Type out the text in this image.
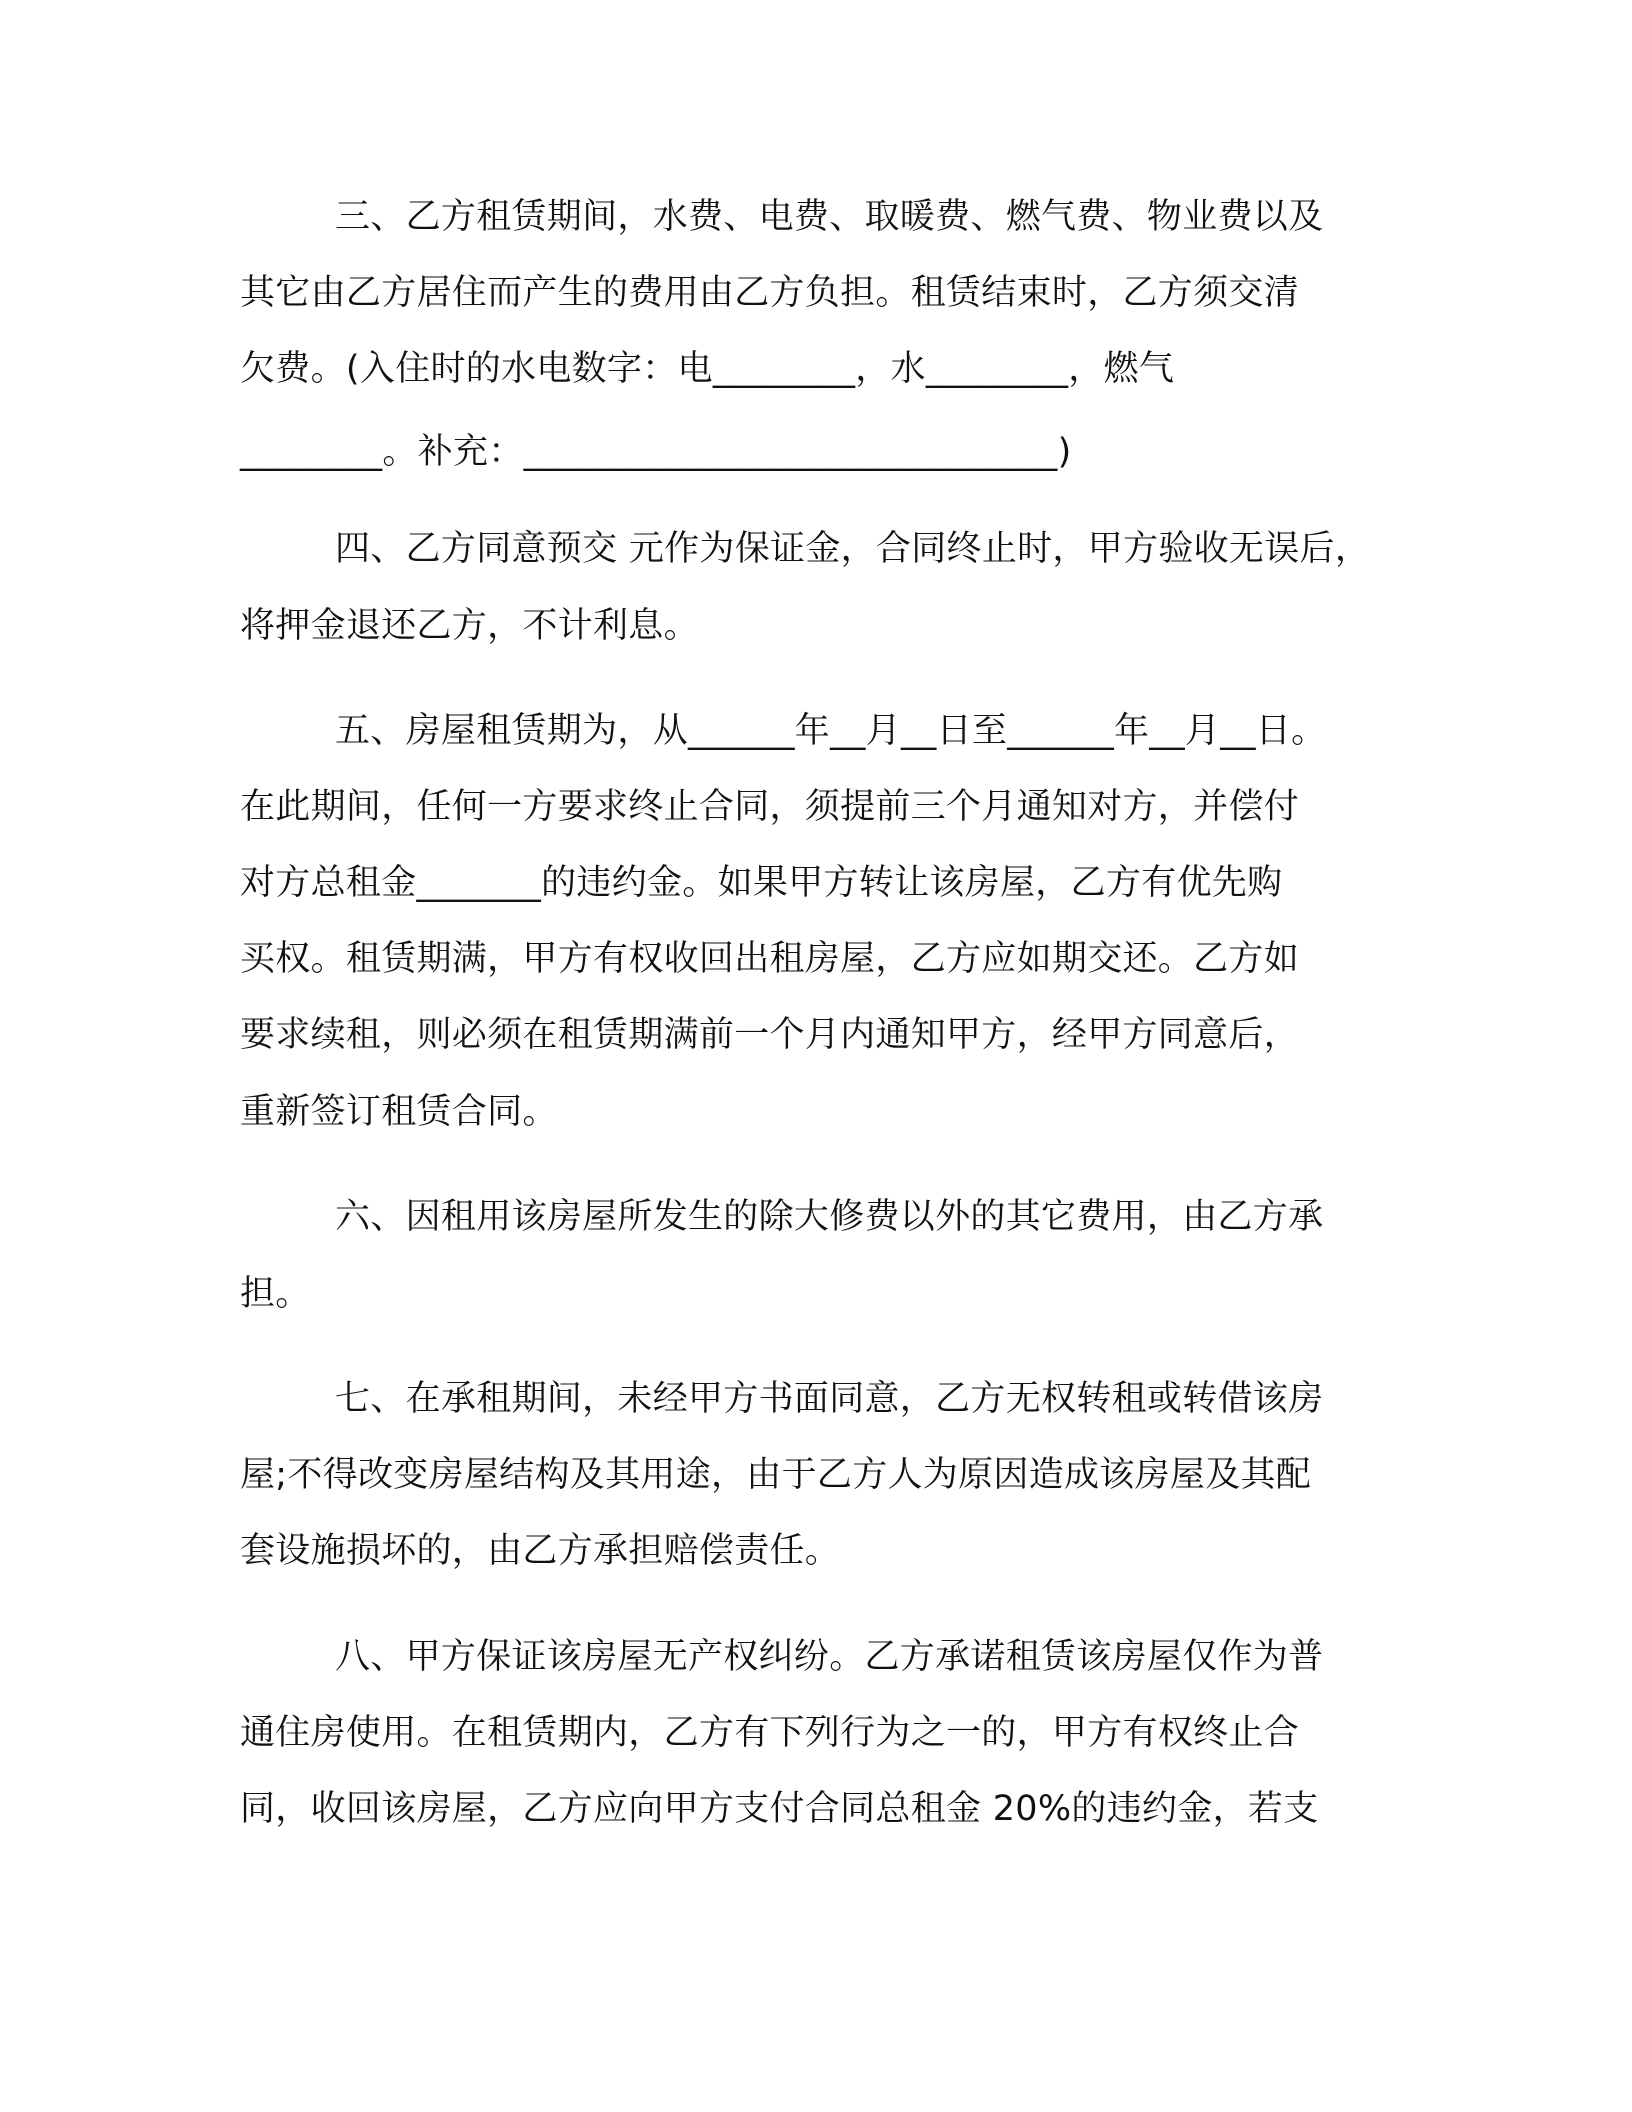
三、乙方租赁期间，水费、电费、取暖费、燃气费、物业费以及

其它由乙方居住而产生的费用由乙方负担。租赁结束时，乙方须交清

欠费。(入住时的水电数字：电________，水________，燃气

________。补充：______________________________)

四、乙方同意预交 元作为保证金，合同终止时，甲方验收无误后，

将押金退还乙方，不计利息。

五、房屋租赁期为，从______年__月__日至______年__月__日。

在此期间，任何一方要求终止合同，须提前三个月通知对方，并偿付

对方总租金_______的违约金。如果甲方转让该房屋，乙方有优先购

买权。租赁期满，甲方有权收回出租房屋，乙方应如期交还。乙方如

要求续租，则必须在租赁期满前一个月内通知甲方，经甲方同意后，

重新签订租赁合同。

六、因租用该房屋所发生的除大修费以外的其它费用，由乙方承

担。

七、在承租期间，未经甲方书面同意，乙方无权转租或转借该房

屋;不得改变房屋结构及其用途，由于乙方人为原因造成该房屋及其配

套设施损坏的，由乙方承担赔偿责任。

八、甲方保证该房屋无产权纠纷。乙方承诺租赁该房屋仅作为普

通住房使用。在租赁期内，乙方有下列行为之一的，甲方有权终止合

同，收回该房屋，乙方应向甲方支付合同总租金 20%的违约金，若支
